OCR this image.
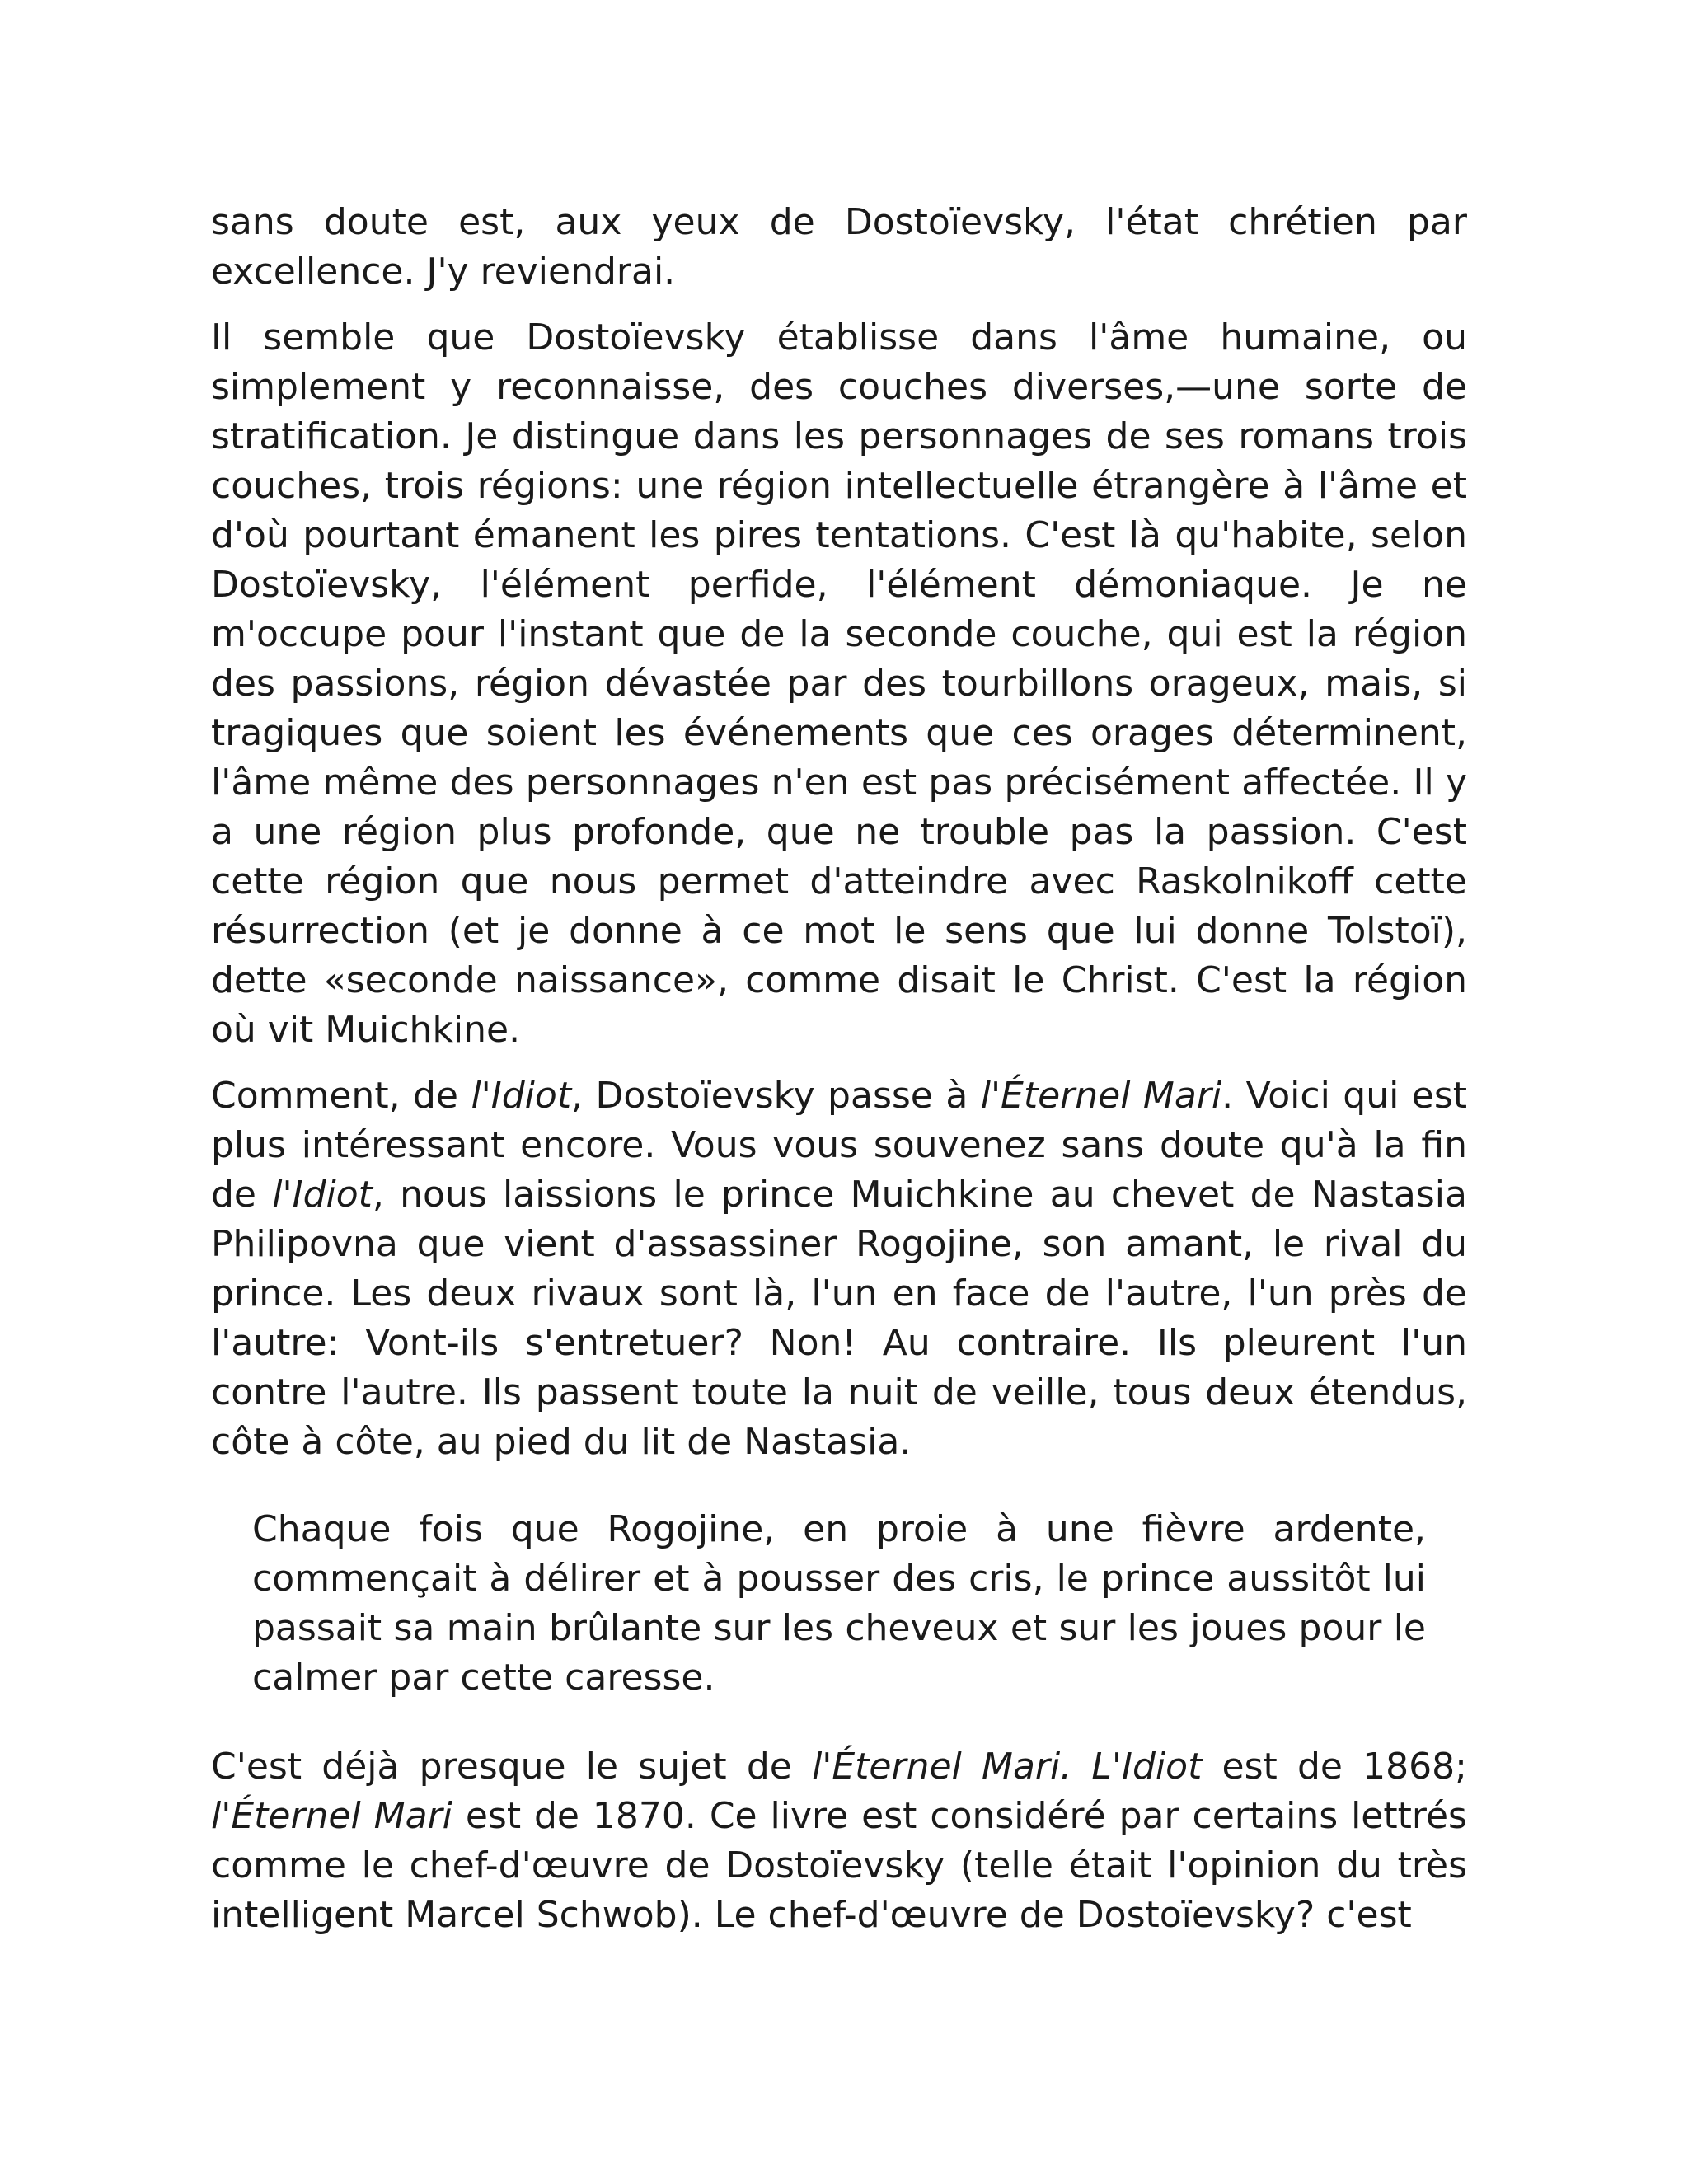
sans doute est, aux yeux de Dostoïevsky, l'état chrétien par excellence. J'y reviendrai.

Il semble que Dostoïevsky établisse dans l'âme humaine, ou simplement y reconnaisse, des couches diverses,—une sorte de stratification. Je distingue dans les personnages de ses romans trois couches, trois régions: une région intellectuelle étrangère à l'âme et d'où pourtant émanent les pires tentations. C'est là qu'habite, selon Dostoïevsky, l'élément perfide, l'élément démoniaque. Je ne m'occupe pour l'instant que de la seconde couche, qui est la région des passions, région dévastée par des tourbillons orageux, mais, si tragiques que soient les événements que ces orages déterminent, l'âme même des personnages n'en est pas précisément affectée. Il y a une région plus profonde, que ne trouble pas la passion. C'est cette région que nous permet d'atteindre avec Raskolnikoff cette résurrection (et je donne à ce mot le sens que lui donne Tolstoï), dette «seconde naissance», comme disait le Christ. C'est la région où vit Muichkine.

Comment, de l'Idiot, Dostoïevsky passe à l'Éternel Mari. Voici qui est plus intéressant encore. Vous vous souvenez sans doute qu'à la fin de l'Idiot, nous laissions le prince Muichkine au chevet de Nastasia Philipovna que vient d'assassiner Rogojine, son amant, le rival du prince. Les deux rivaux sont là, l'un en face de l'autre, l'un près de l'autre: Vont-ils s'entretuer? Non! Au contraire. Ils pleurent l'un contre l'autre. Ils passent toute la nuit de veille, tous deux étendus, côte à côte, au pied du lit de Nastasia.

Chaque fois que Rogojine, en proie à une fièvre ardente, commençait à délirer et à pousser des cris, le prince aussitôt lui passait sa main brûlante sur les cheveux et sur les joues pour le calmer par cette caresse.

C'est déjà presque le sujet de l'Éternel Mari. L'Idiot est de 1868; l'Éternel Mari est de 1870. Ce livre est considéré par certains lettrés comme le chef-d'œuvre de Dostoïevsky (telle était l'opinion du très intelligent Marcel Schwob). Le chef-d'œuvre de Dostoïevsky? c'est
